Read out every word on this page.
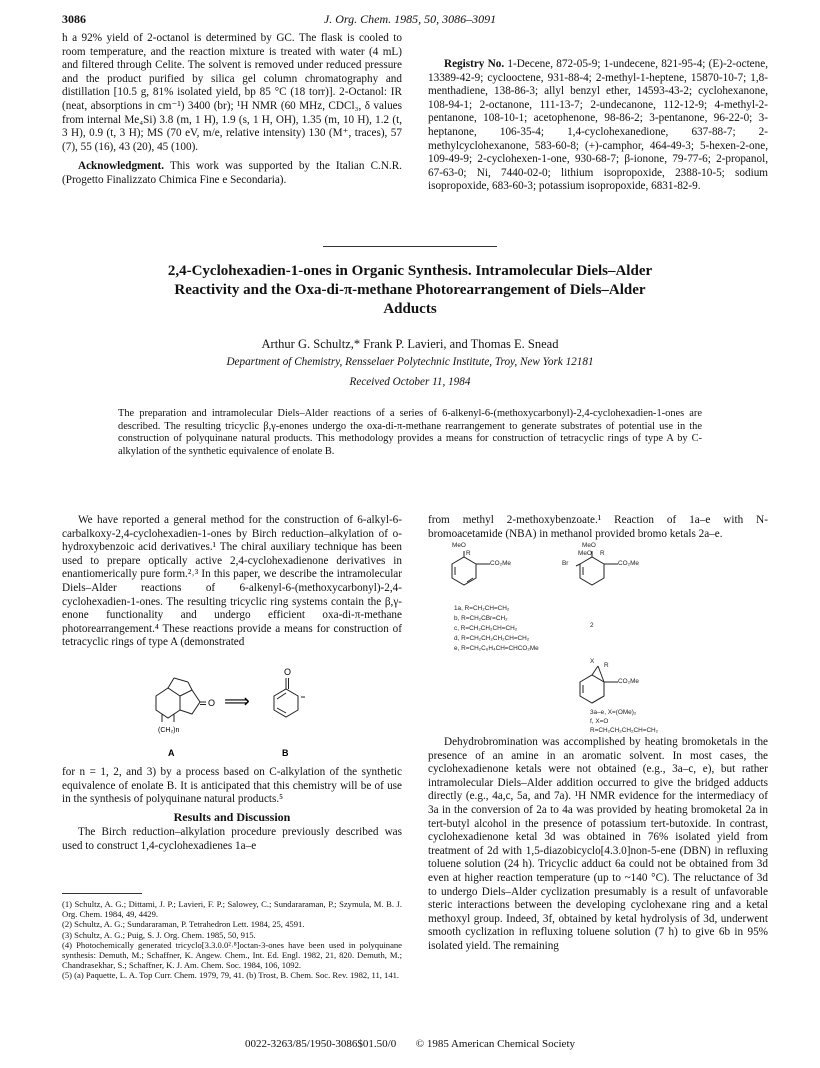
3086	J. Org. Chem. 1985, 50, 3086–3091

h a 92% yield of 2-octanol is determined by GC. The flask is cooled to room temperature, and the reaction mixture is treated with water (4 mL) and filtered through Celite. The solvent is removed under reduced pressure and the product purified by silica gel column chromatography and distillation [10.5 g, 81% isolated yield, bp 85 °C (18 torr)]. 2-Octanol: IR (neat, absorptions in cm⁻¹) 3400 (br); ¹H NMR (60 MHz, CDCl₃, δ values from internal Me₄Si) 3.8 (m, 1 H), 1.9 (s, 1 H, OH), 1.35 (m, 10 H), 1.2 (t, 3 H), 0.9 (t, 3 H); MS (70 eV, m/e, relative intensity) 130 (M⁺, traces), 57 (7), 55 (16), 43 (20), 45 (100).

Acknowledgment. This work was supported by the Italian C.N.R. (Progetto Finalizzato Chimica Fine e Secondaria).

Registry No. 1-Decene, 872-05-9; 1-undecene, 821-95-4; (E)-2-octene, 13389-42-9; cyclooctene, 931-88-4; 2-methyl-1-heptene, 15870-10-7; 1,8-menthadiene, 138-86-3; allyl benzyl ether, 14593-43-2; cyclohexanone, 108-94-1; 2-octanone, 111-13-7; 2-undecanone, 112-12-9; 4-methyl-2-pentanone, 108-10-1; acetophenone, 98-86-2; 3-pentanone, 96-22-0; 3-heptanone, 106-35-4; 1,4-cyclohexanedione, 637-88-7; 2-methylcyclohexanone, 583-60-8; (+)-camphor, 464-49-3; 5-hexen-2-one, 109-49-9; 2-cyclohexen-1-one, 930-68-7; β-ionone, 79-77-6; 2-propanol, 67-63-0; Ni, 7440-02-0; lithium isopropoxide, 2388-10-5; sodium isopropoxide, 683-60-3; potassium isopropoxide, 6831-82-9.

2,4-Cyclohexadien-1-ones in Organic Synthesis. Intramolecular Diels–Alder
Reactivity and the Oxa-di-π-methane Photorearrangement of Diels–Alder
Adducts
Arthur G. Schultz,* Frank P. Lavieri, and Thomas E. Snead
Department of Chemistry, Rensselaer Polytechnic Institute, Troy, New York 12181
Received October 11, 1984
The preparation and intramolecular Diels–Alder reactions of a series of 6-alkenyl-6-(methoxycarbonyl)-2,4-cyclohexadien-1-ones are described. The resulting tricyclic β,γ-enones undergo the oxa-di-π-methane rearrangement to generate substrates of potential use in the construction of polyquinane natural products. This methodology provides a means for construction of tetracyclic rings of type A by C-alkylation of the synthetic equivalence of enolate B.

We have reported a general method for the construction of 6-alkyl-6-carbalkoxy-2,4-cyclohexadien-1-ones by Birch reduction–alkylation of o-hydroxybenzoic acid derivatives.¹ The chiral auxiliary technique has been used to prepare optically active 2,4-cyclohexadienone derivatives in enantiomerically pure form.²˒³ In this paper, we describe the intramolecular Diels–Alder reactions of 6-alkenyl-6-(methoxycarbonyl)-2,4-cyclohexadien-1-ones. The resulting tricyclic ring systems contain the β,γ-enone functionality and undergo efficient oxa-di-π-methane photorearrangement.⁴ These reactions provide a means for construction of tetracyclic rings of type A (demonstrated

O
(CH₂)n
⟹
O
A	B

for n = 1, 2, and 3) by a process based on C-alkylation of the synthetic equivalence of enolate B. It is anticipated that this chemistry will be of use in the synthesis of polyquinane natural products.⁵

Results and Discussion

The Birch reduction–alkylation procedure previously described was used to construct 1,4-cyclohexadienes 1a–e

(1) Schultz, A. G.; Dittami, J. P.; Lavieri, F. P.; Salowey, C.; Sundararaman, P.; Szymula, M. B. J. Org. Chem. 1984, 49, 4429.

(2) Schultz, A. G.; Sundararaman, P. Tetrahedron Lett. 1984, 25, 4591.

(3) Schultz, A. G.; Puig, S. J. Org. Chem. 1985, 50, 915.

(4) Photochemically generated tricyclo[3.3.0.0²˒⁸]octan-3-ones have been used in polyquinane synthesis: Demuth, M.; Schaffner, K. Angew. Chem., Int. Ed. Engl. 1982, 21, 820. Demuth, M.; Chandrasekhar, S.; Schaffner, K. J. Am. Chem. Soc. 1984, 106, 1092.

(5) (a) Paquette, L. A. Top Curr. Chem. 1979, 79, 41. (b) Trost, B. Chem. Soc. Rev. 1982, 11, 141.

from methyl 2-methoxybenzoate.¹ Reaction of 1a–e with N-bromoacetamide (NBA) in methanol provided bromo ketals 2a–e.

MeO
R
CO₂Me
1a, R=CH₂CH=CH₂
b, R=CH₂CBr=CH₂
c, R=CH₂CH₂CH=CH₂
d, R=CH₂CH₂CH₂CH=CH₂
e, R=CH₂C₆H₄CH=CHCO₂Me
MeO
MeO
Br
R
CO₂Me
2
X
R
CO₂Me
3a–e, X=(OMe)₂
f, X=O
R=CH₂CH₂CH₂CH=CH₂

Dehydrobromination was accomplished by heating bromoketals in the presence of an amine in an aromatic solvent. In most cases, the cyclohexadienone ketals were not obtained (e.g., 3a–c, e), but rather intramolecular Diels–Alder addition occurred to give the bridged adducts directly (e.g., 4a,c, 5a, and 7a). ¹H NMR evidence for the intermediacy of 3a in the conversion of 2a to 4a was provided by heating bromoketal 2a in tert-butyl alcohol in the presence of potassium tert-butoxide. In contrast, cyclohexadienone ketal 3d was obtained in 76% isolated yield from treatment of 2d with 1,5-diazobicyclo[4.3.0]non-5-ene (DBN) in refluxing toluene solution (24 h). Tricyclic adduct 6a could not be obtained from 3d even at higher reaction temperature (up to ~140 °C). The reluctance of 3d to undergo Diels–Alder cyclization presumably is a result of unfavorable steric interactions between the developing cyclohexane ring and a ketal methoxyl group. Indeed, 3f, obtained by ketal hydrolysis of 3d, underwent smooth cyclization in refluxing toluene solution (7 h) to give 6b in 95% isolated yield. The remaining

0022-3263/85/1950-3086$01.50/0 © 1985 American Chemical Society
